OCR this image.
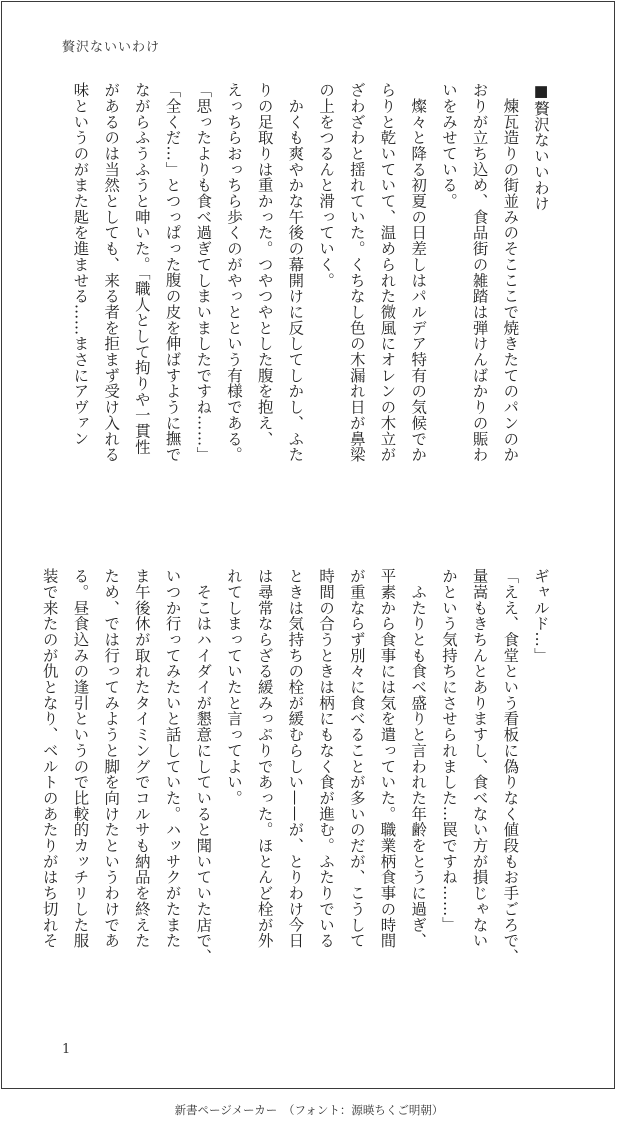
贅沢ないいわけ
■贅沢ないいわけ
　煉瓦造りの街並みのそこここで焼きたてのパンのか
おりが立ち込め、食品街の雑踏は弾けんばかりの賑わ
いをみせている。
　燦々と降る初夏の日差しはパルデア特有の気候でか
らりと乾いていて、温められた微風にオレンの木立が
ざわざわと揺れていた。くちなし色の木漏れ日が鼻梁
の上をつるんと滑っていく。
　かくも爽やかな午後の幕開けに反してしかし、ふた
りの足取りは重かった。つやつやとした腹を抱え、
えっちらおっちら歩くのがやっとという有様である。
「思ったよりも食べ過ぎてしまいましたですね……」
「全くだ…」とつっぱった腹の皮を伸ばすように撫で
ながらふうふうと呻いた。「職人として拘りや一貫性
があるのは当然としても、来る者を拒まず受け入れる
味というのがまた匙を進ませる……まさにアヴァン
ギャルド…」
「ええ、食堂という看板に偽りなく値段もお手ごろで、
量嵩もきちんとありますし、食べない方が損じゃない
かという気持ちにさせられました…罠ですね……」
　ふたりとも食べ盛りと言われた年齢をとうに過ぎ、
平素から食事には気を遣っていた。職業柄食事の時間
が重ならず別々に食べることが多いのだが、こうして
時間の合うときは柄にもなく食が進む。ふたりでいる
ときは気持ちの栓が緩むらしい——が、とりわけ今日
は尋常ならざる緩みっぷりであった。ほとんど栓が外
れてしまっていたと言ってよい。
　そこはハイダイが懇意にしていると聞いていた店で、
いつか行ってみたいと話していた。ハッサクがたまた
ま午後休が取れたタイミングでコルサも納品を終えた
ため、では行ってみようと脚を向けたというわけであ
る。昼食込みの逢引というので比較的カッチリした服
装で来たのが仇となり、ベルトのあたりがはち切れそ
1
新書ページメーカー　（フォント：源暎ちくご明朝）
